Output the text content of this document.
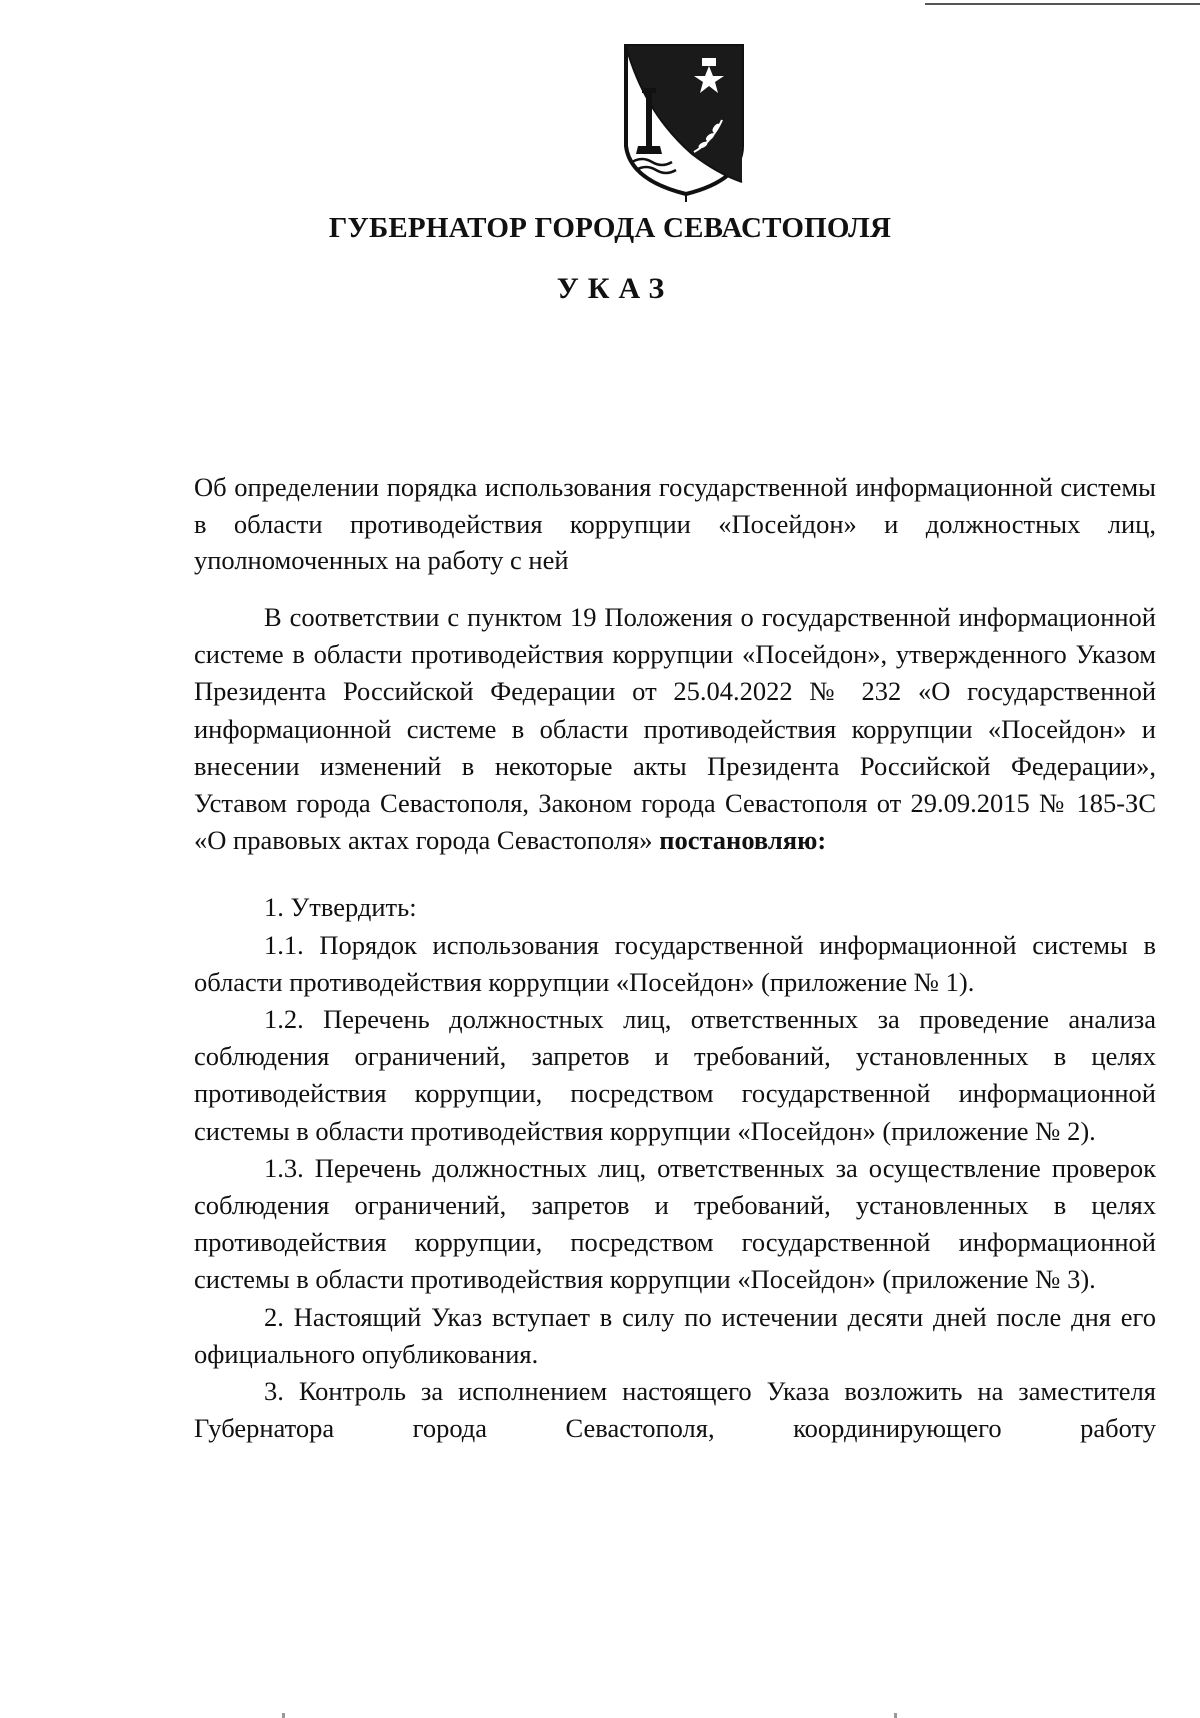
ГУБЕРНАТОР ГОРОДА СЕВАСТОПОЛЯ
УКАЗ
Об определении порядка использования государственной информационной системы в области противодействия коррупции «Посейдон» и должностных лиц, уполномоченных на работу с ней

В соответствии с пунктом 19 Положения о государственной информационной системе в области противодействия коррупции «Посейдон», утвержденного Указом Президента Российской Федерации от 25.04.2022 № 232 «О государственной информационной системе в области противодействия коррупции «Посейдон» и внесении изменений в некоторые акты Президента Российской Федерации», Уставом города Севастополя, Законом города Севастополя от 29.09.2015 № 185-ЗС «О правовых актах города Севастополя» постановляю:

1. Утвердить:

1.1. Порядок использования государственной информационной системы в области противодействия коррупции «Посейдон» (приложение № 1).

1.2. Перечень должностных лиц, ответственных за проведение анализа соблюдения ограничений, запретов и требований, установленных в целях противодействия коррупции, посредством государственной информационной системы в области противодействия коррупции «Посейдон» (приложение № 2).

1.3. Перечень должностных лиц, ответственных за осуществление проверок соблюдения ограничений, запретов и требований, установленных в целях противодействия коррупции, посредством государственной информационной системы в области противодействия коррупции «Посейдон» (приложение № 3).

2. Настоящий Указ вступает в силу по истечении десяти дней после дня его официального опубликования.

3. Контроль за исполнением настоящего Указа возложить на заместителя Губернатора города Севастополя, координирующего работу
